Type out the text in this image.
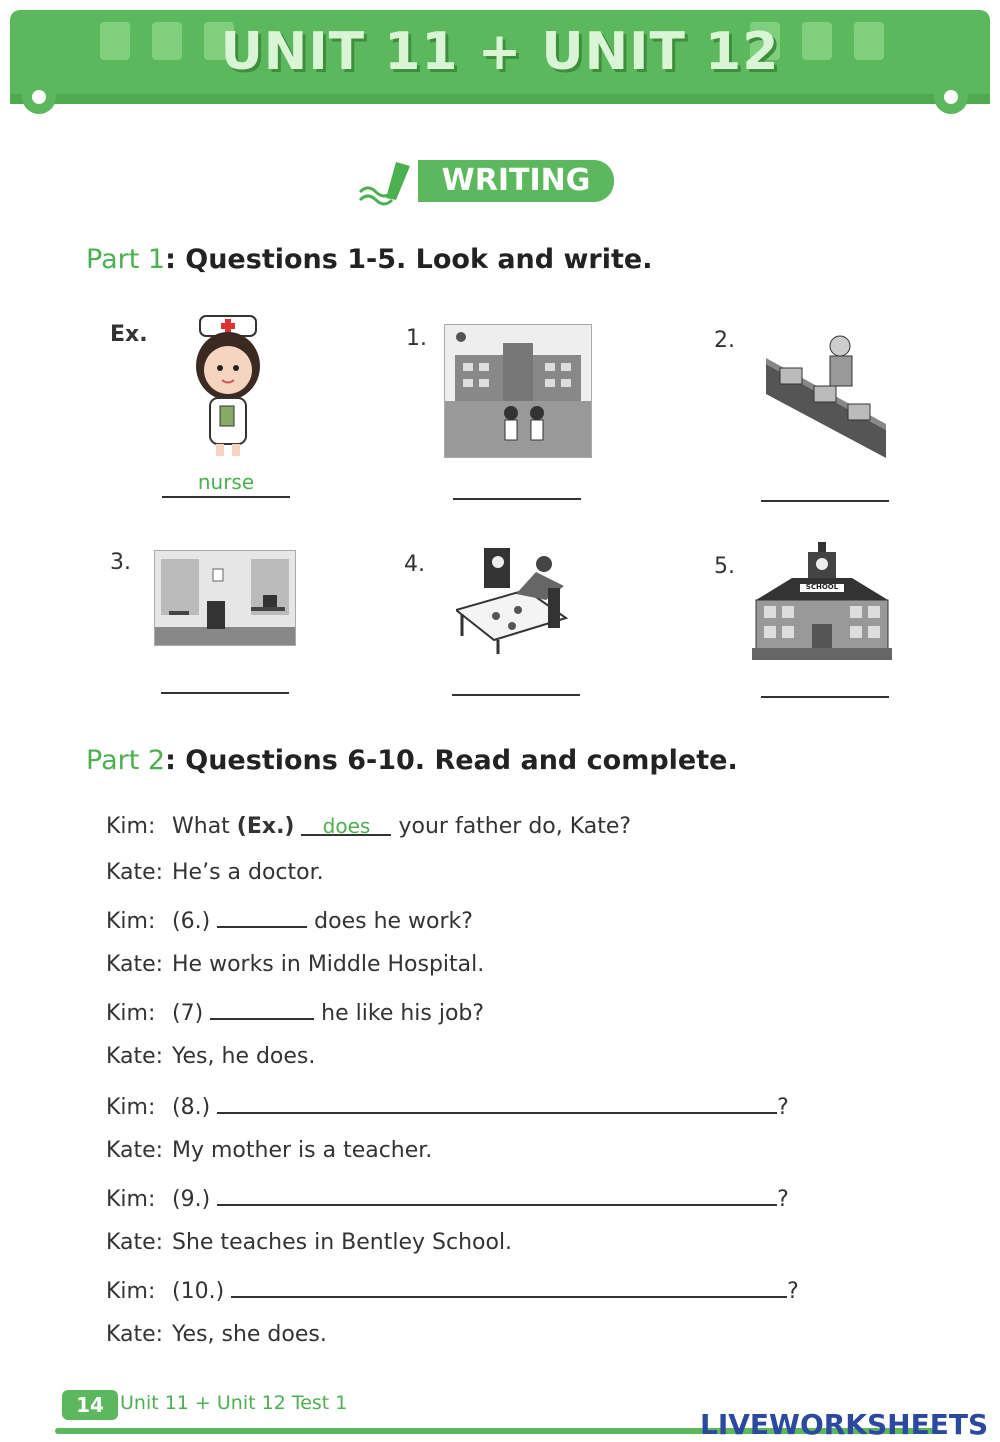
UNIT 11 + UNIT 12
WRITING
Part 1: Questions 1-5. Look and write.
Ex.
nurse
1.	2.
3.	4.	5.
SCHOOL
Part 2: Questions 6-10. Read and complete.
Kim: What (Ex.) does your father do, Kate?
Kate: He’s a doctor.
Kim: (6.)	does he work?
Kate: He works in Middle Hospital.
Kim: (7)	he like his job?
Kate: Yes, he does.
Kim: (8.)	?
Kate: My mother is a teacher.
Kim: (9.)	?
Kate: She teaches in Bentley School.
Kim: (10.)	?
Kate: Yes, she does.
14 Unit 11 + Unit 12 Test 1
LIVEWORKSHEETS
